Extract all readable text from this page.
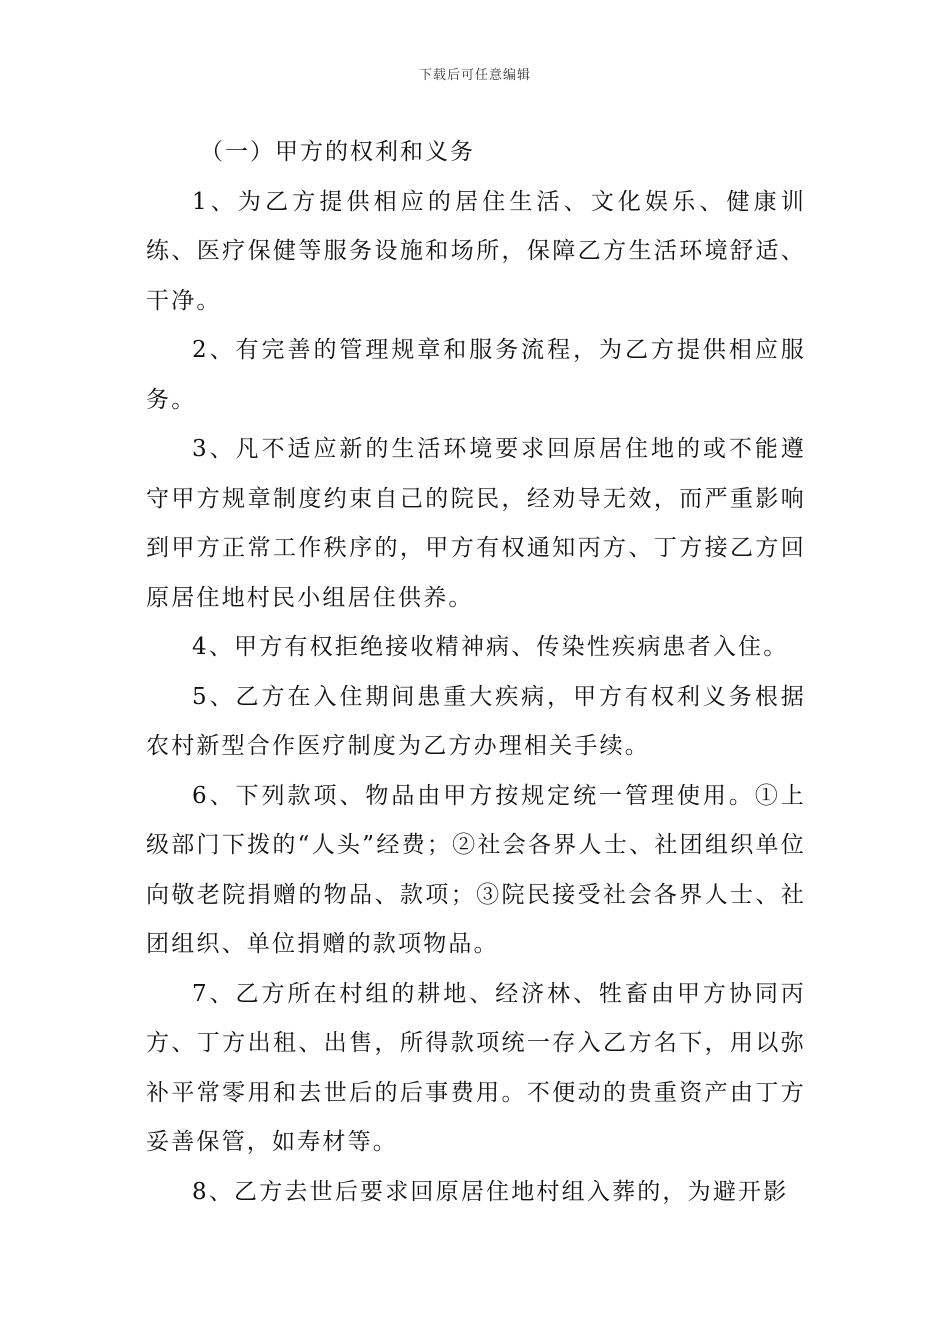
下载后可任意编辑

（一）甲方的权利和义务

1、为乙方提供相应的居住生活、文化娱乐、健康训练、医疗保健等服务设施和场所，保障乙方生活环境舒适、干净。

2、有完善的管理规章和服务流程，为乙方提供相应服务。

3、凡不适应新的生活环境要求回原居住地的或不能遵守甲方规章制度约束自己的院民，经劝导无效，而严重影响到甲方正常工作秩序的，甲方有权通知丙方、丁方接乙方回原居住地村民小组居住供养。

4、甲方有权拒绝接收精神病、传染性疾病患者入住。

5、乙方在入住期间患重大疾病，甲方有权利义务根据农村新型合作医疗制度为乙方办理相关手续。

6、下列款项、物品由甲方按规定统一管理使用。①上级部门下拨的“人头”经费；②社会各界人士、社团组织单位向敬老院捐赠的物品、款项；③院民接受社会各界人士、社团组织、单位捐赠的款项物品。

7、乙方所在村组的耕地、经济林、牲畜由甲方协同丙方、丁方出租、出售，所得款项统一存入乙方名下，用以弥补平常零用和去世后的后事费用。不便动的贵重资产由丁方妥善保管，如寿材等。

8、乙方去世后要求回原居住地村组入葬的，为避开影
